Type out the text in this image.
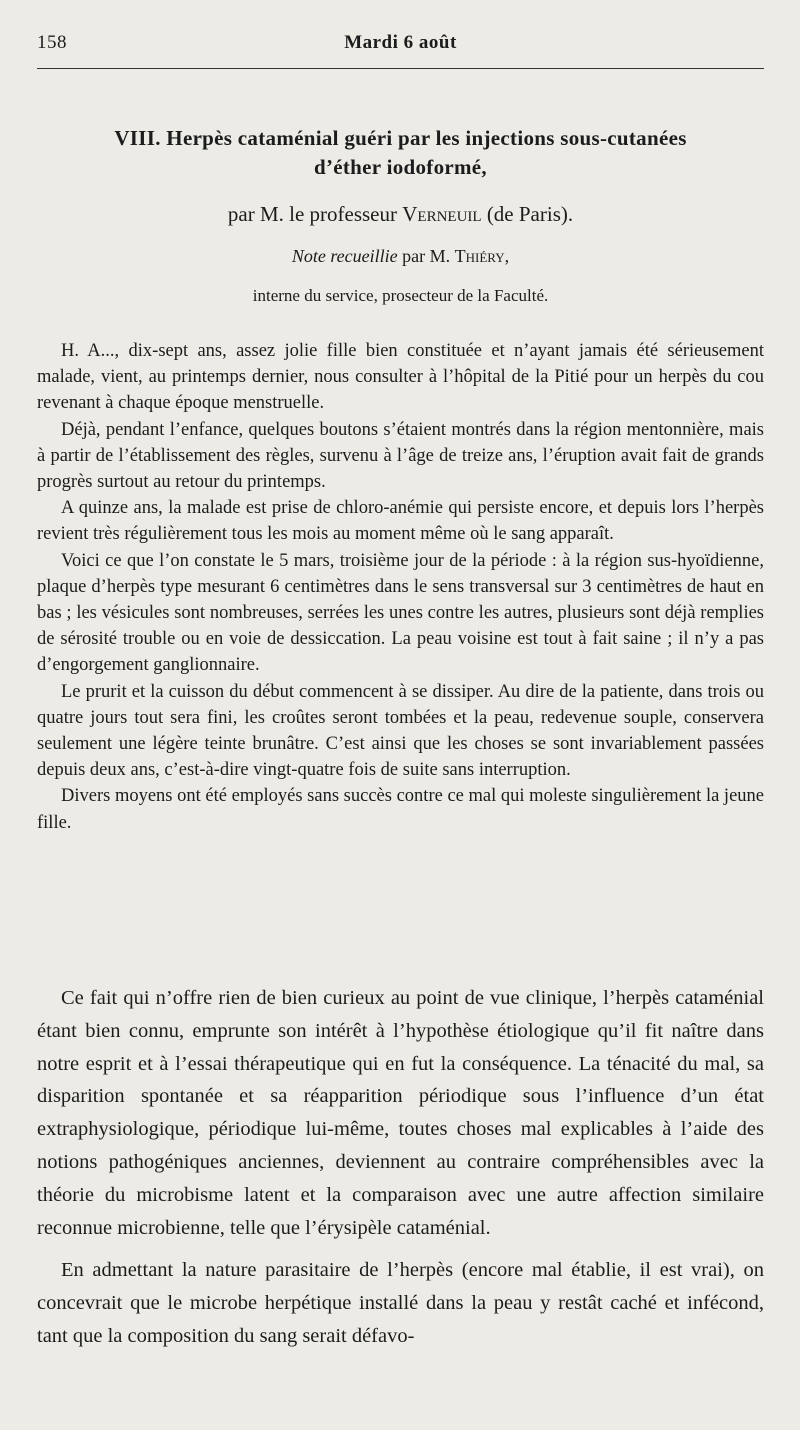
158	Mardi 6 août
VIII. Herpès cataménial guéri par les injections sous-cutanées
d’éther iodoformé,
par M. le professeur Verneuil (de Paris).
Note recueillie par M. Thiéry,
interne du service, prosecteur de la Faculté.

H. A..., dix-sept ans, assez jolie fille bien constituée et n’ayant jamais été sérieusement malade, vient, au printemps dernier, nous consulter à l’hôpital de la Pitié pour un herpès du cou revenant à chaque époque menstruelle.

Déjà, pendant l’enfance, quelques boutons s’étaient montrés dans la région mentonnière, mais à partir de l’établissement des règles, survenu à l’âge de treize ans, l’éruption avait fait de grands progrès surtout au retour du printemps.

A quinze ans, la malade est prise de chloro-anémie qui persiste encore, et depuis lors l’herpès revient très régulièrement tous les mois au moment même où le sang apparaît.

Voici ce que l’on constate le 5 mars, troisième jour de la période : à la région sus-hyoïdienne, plaque d’herpès type mesurant 6 centimètres dans le sens transversal sur 3 centimètres de haut en bas ; les vésicules sont nombreuses, serrées les unes contre les autres, plusieurs sont déjà remplies de sérosité trouble ou en voie de dessiccation. La peau voisine est tout à fait saine ; il n’y a pas d’engorgement ganglionnaire.

Le prurit et la cuisson du début commencent à se dissiper. Au dire de la patiente, dans trois ou quatre jours tout sera fini, les croûtes seront tombées et la peau, redevenue souple, conservera seulement une légère teinte brunâtre. C’est ainsi que les choses se sont invariablement passées depuis deux ans, c’est-à-dire vingt-quatre fois de suite sans interruption.

Divers moyens ont été employés sans succès contre ce mal qui moleste singulièrement la jeune fille.

Ce fait qui n’offre rien de bien curieux au point de vue clinique, l’herpès cataménial étant bien connu, emprunte son intérêt à l’hypothèse étiologique qu’il fit naître dans notre esprit et à l’essai thérapeutique qui en fut la conséquence. La ténacité du mal, sa disparition spontanée et sa réapparition périodique sous l’influence d’un état extraphysiologique, périodique lui-même, toutes choses mal explicables à l’aide des notions pathogéniques anciennes, deviennent au contraire compréhensibles avec la théorie du microbisme latent et la comparaison avec une autre affection similaire reconnue microbienne, telle que l’érysipèle cataménial.

En admettant la nature parasitaire de l’herpès (encore mal établie, il est vrai), on concevrait que le microbe herpétique installé dans la peau y restât caché et infécond, tant que la composition du sang serait défavo-
